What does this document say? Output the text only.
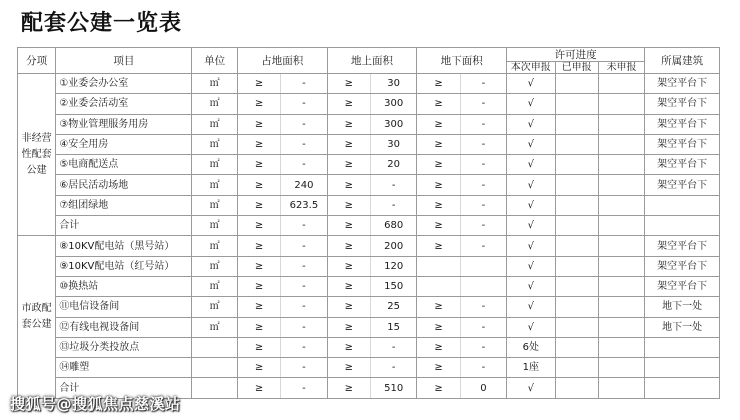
配套公建一览表
分项	项目	单位	占地面积		地上面积		地下面积		许可进度			所属建筑
									本次申报	已申报	未申报	
非经营性配套公建	①业委会办公室	㎡	≥	-	≥	30	≥	-	√			架空平台下
	②业委会活动室	㎡	≥	-	≥	300	≥	-	√			架空平台下
	③物业管理服务用房	㎡	≥	-	≥	300	≥	-	√			架空平台下
	④安全用房	㎡	≥	-	≥	30	≥	-	√			架空平台下
	⑤电商配送点	㎡	≥	-	≥	20	≥	-	√			架空平台下
	⑥居民活动场地	㎡	≥	240	≥	-	≥	-	√			架空平台下
	⑦组团绿地	㎡	≥	623.5	≥	-	≥	-	√			
	合计	㎡	≥	-	≥	680	≥	-	√			
市政配套公建	⑧10KV配电站（黑号站）	㎡	≥	-	≥	200	≥	-	√			架空平台下
	⑨10KV配电站（红号站）	㎡	≥	-	≥	120			√			架空平台下
	⑩换热站	㎡	≥	-	≥	150			√			架空平台下
	⑪电信设备间	㎡	≥	-	≥	25	≥	-	√			地下一处
	⑫有线电视设备间	㎡	≥	-	≥	15	≥	-	√			地下一处
	⑬垃圾分类投放点		≥	-	≥	-	≥	-	6处			
	⑭雕塑		≥	-	≥	-	≥	-	1座			
	合计		≥	-	≥	510	≥	0	√			
搜狐号@搜狐焦点慈溪站
